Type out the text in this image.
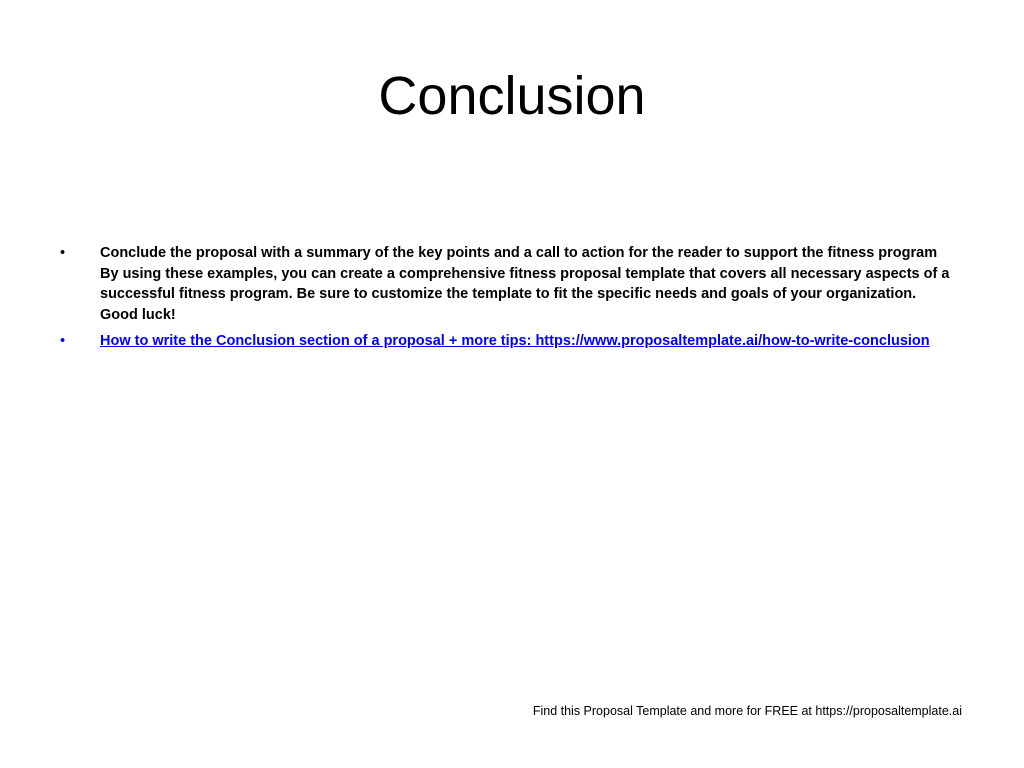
Conclusion
•	Conclude the proposal with a summary of the key points and a call to action for the reader to support the fitness program
By using these examples, you can create a comprehensive fitness proposal template that covers all necessary aspects of a successful fitness program. Be sure to customize the template to fit the specific needs and goals of your organization.
Good luck!
•	How to write the Conclusion section of a proposal + more tips: https://www.proposaltemplate.ai/how-to-write-conclusion
Find this Proposal Template and more for FREE at https://proposaltemplate.ai
